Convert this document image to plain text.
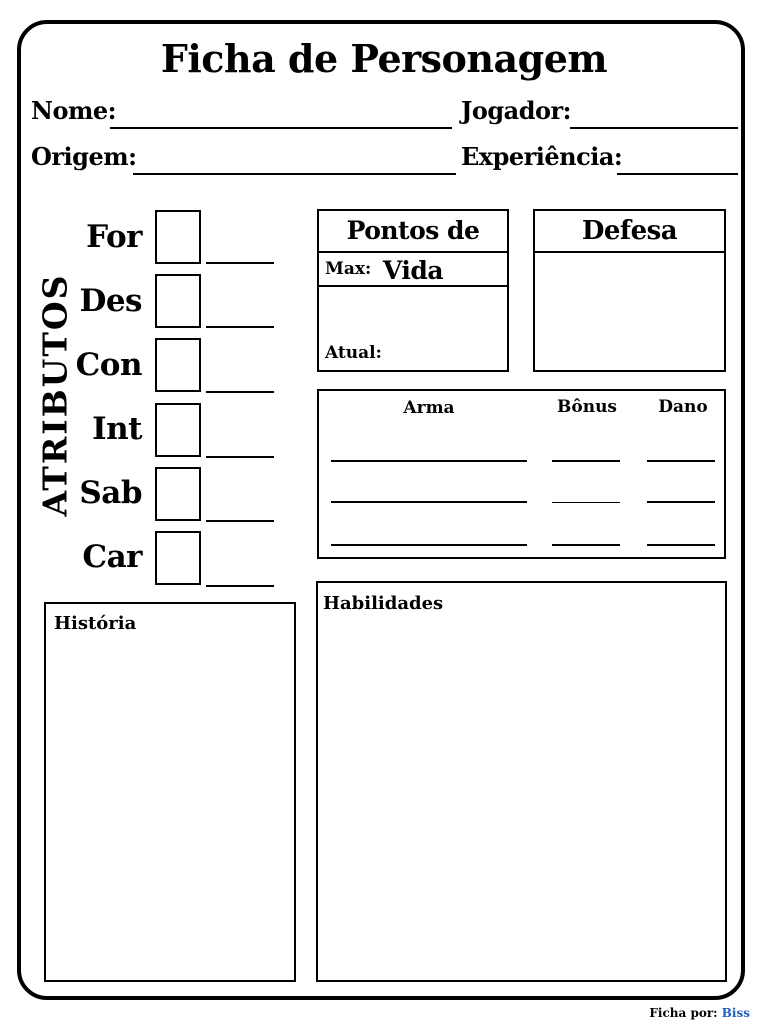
Ficha de Personagem
Nome:	Jogador:
Origem:	Experiência:
ATRIBUTOS
For
Des
Con
Int
Sab
Car
Pontos de Vida
Max:
Atual:
Defesa
Arma	Bônus	Dano
História
Habilidades
Ficha por: Biss
